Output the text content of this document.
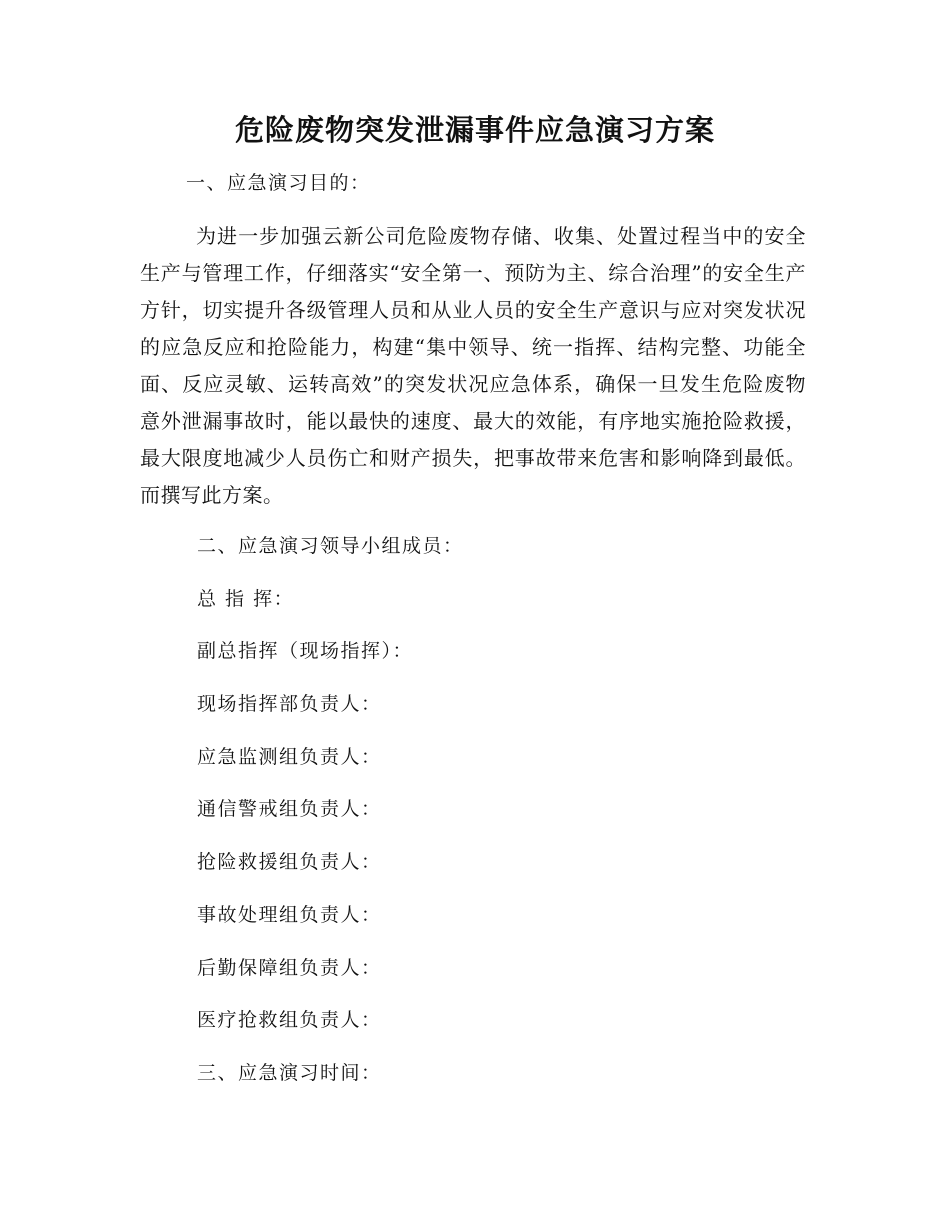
危险废物突发泄漏事件应急演习方案
一、应急演习目的：
为进一步加强云新公司危险废物存储、收集、处置过程当中的安全生产与管理工作，仔细落实“安全第一、预防为主、综合治理”的安全生产方针，切实提升各级管理人员和从业人员的安全生产意识与应对突发状况的应急反应和抢险能力，构建“集中领导、统一指挥、结构完整、功能全面、反应灵敏、运转高效”的突发状况应急体系，确保一旦发生危险废物意外泄漏事故时，能以最快的速度、最大的效能，有序地实施抢险救援，最大限度地减少人员伤亡和财产损失，把事故带来危害和影响降到最低。而撰写此方案。
二、应急演习领导小组成员：
总 指 挥：
副总指挥（现场指挥）：
现场指挥部负责人：
应急监测组负责人：
通信警戒组负责人：
抢险救援组负责人：
事故处理组负责人：
后勤保障组负责人：
医疗抢救组负责人：
三、应急演习时间：
